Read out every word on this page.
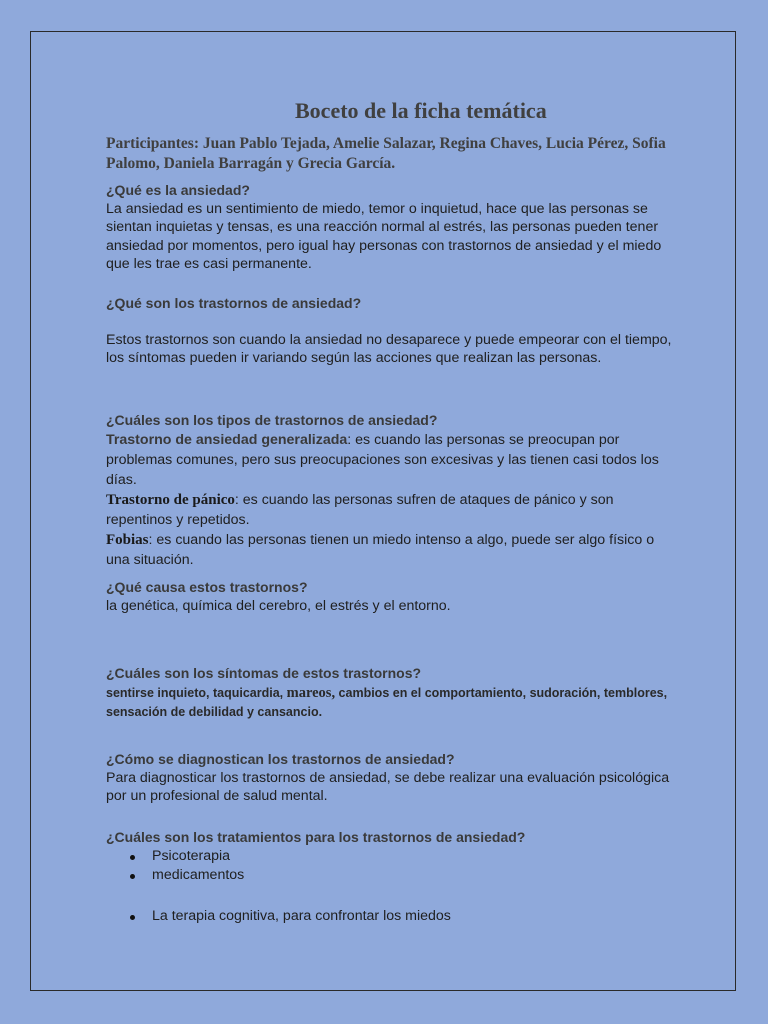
Boceto de la ficha temática
Participantes: Juan Pablo Tejada, Amelie Salazar, Regina Chaves, Lucia Pérez, Sofia Palomo, Daniela Barragán y Grecia García.
¿Qué es la ansiedad?
La ansiedad es un sentimiento de miedo, temor o inquietud, hace que las personas se sientan inquietas y tensas, es una reacción normal al estrés, las personas pueden tener ansiedad por momentos, pero igual hay personas con trastornos de ansiedad y el miedo que les trae es casi permanente.
¿Qué son los trastornos de ansiedad?
Estos trastornos son cuando la ansiedad no desaparece y puede empeorar con el tiempo, los síntomas pueden ir variando según las acciones que realizan las personas.
¿Cuáles son los tipos de trastornos de ansiedad?
Trastorno de ansiedad generalizada: es cuando las personas se preocupan por problemas comunes, pero sus preocupaciones son excesivas y las tienen casi todos los días.
Trastorno de pánico: es cuando las personas sufren de ataques de pánico y son repentinos y repetidos.
Fobias: es cuando las personas tienen un miedo intenso a algo, puede ser algo físico o una situación.
¿Qué causa estos trastornos?
la genética, química del cerebro, el estrés y el entorno.
¿Cuáles son los síntomas de estos trastornos?
sentirse inquieto, taquicardia, mareos, cambios en el comportamiento, sudoración, temblores, sensación de debilidad y cansancio.
¿Cómo se diagnostican los trastornos de ansiedad?
Para diagnosticar los trastornos de ansiedad, se debe realizar una evaluación psicológica por un profesional de salud mental.
¿Cuáles son los tratamientos para los trastornos de ansiedad?
Psicoterapia
medicamentos
La terapia cognitiva, para confrontar los miedos
